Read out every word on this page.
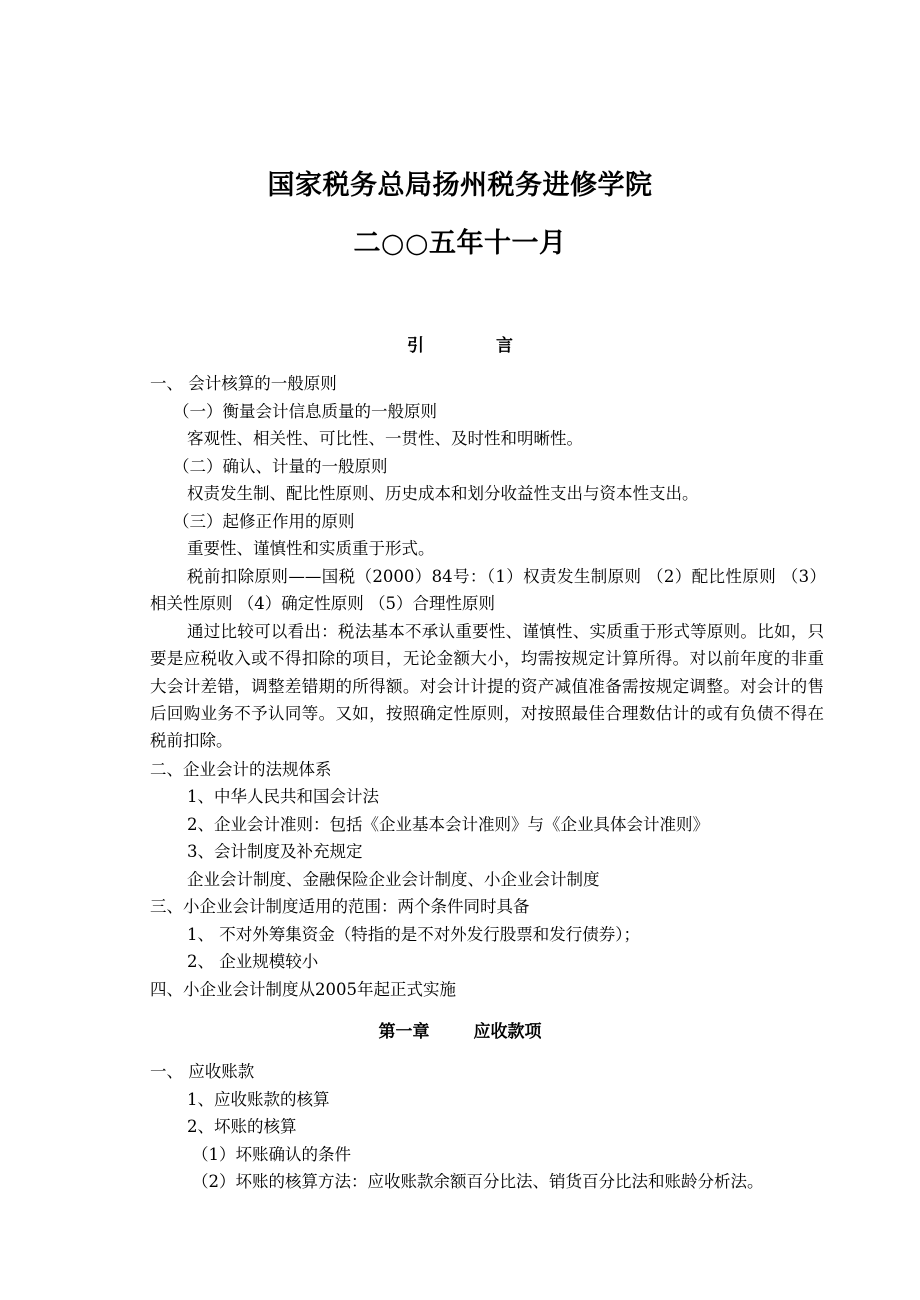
国家税务总局扬州税务进修学院
二○○五年十一月
引	言
一、 会计核算的一般原则
（一）衡量会计信息质量的一般原则
客观性、相关性、可比性、一贯性、及时性和明晰性。
（二）确认、计量的一般原则
权责发生制、配比性原则、历史成本和划分收益性支出与资本性支出。
（三）起修正作用的原则
重要性、谨慎性和实质重于形式。
税前扣除原则——国税（2000）84号：（1）权责发生制原则 （2）配比性原则 （3）相关性原则 （4）确定性原则 （5）合理性原则
通过比较可以看出：税法基本不承认重要性、谨慎性、实质重于形式等原则。比如，只要是应税收入或不得扣除的项目，无论金额大小，均需按规定计算所得。对以前年度的非重大会计差错，调整差错期的所得额。对会计计提的资产减值准备需按规定调整。对会计的售后回购业务不予认同等。又如，按照确定性原则，对按照最佳合理数估计的或有负债不得在税前扣除。
二、企业会计的法规体系
1、中华人民共和国会计法
2、企业会计准则：包括《企业基本会计准则》与《企业具体会计准则》
3、会计制度及补充规定
企业会计制度、金融保险企业会计制度、小企业会计制度
三、小企业会计制度适用的范围：两个条件同时具备
1、 不对外筹集资金（特指的是不对外发行股票和发行债券）；
2、 企业规模较小
四、小企业会计制度从2005年起正式实施
第一章	应收款项
一、 应收账款
1、应收账款的核算
2、坏账的核算
（1）坏账确认的条件
（2）坏账的核算方法：应收账款余额百分比法、销货百分比法和账龄分析法。
